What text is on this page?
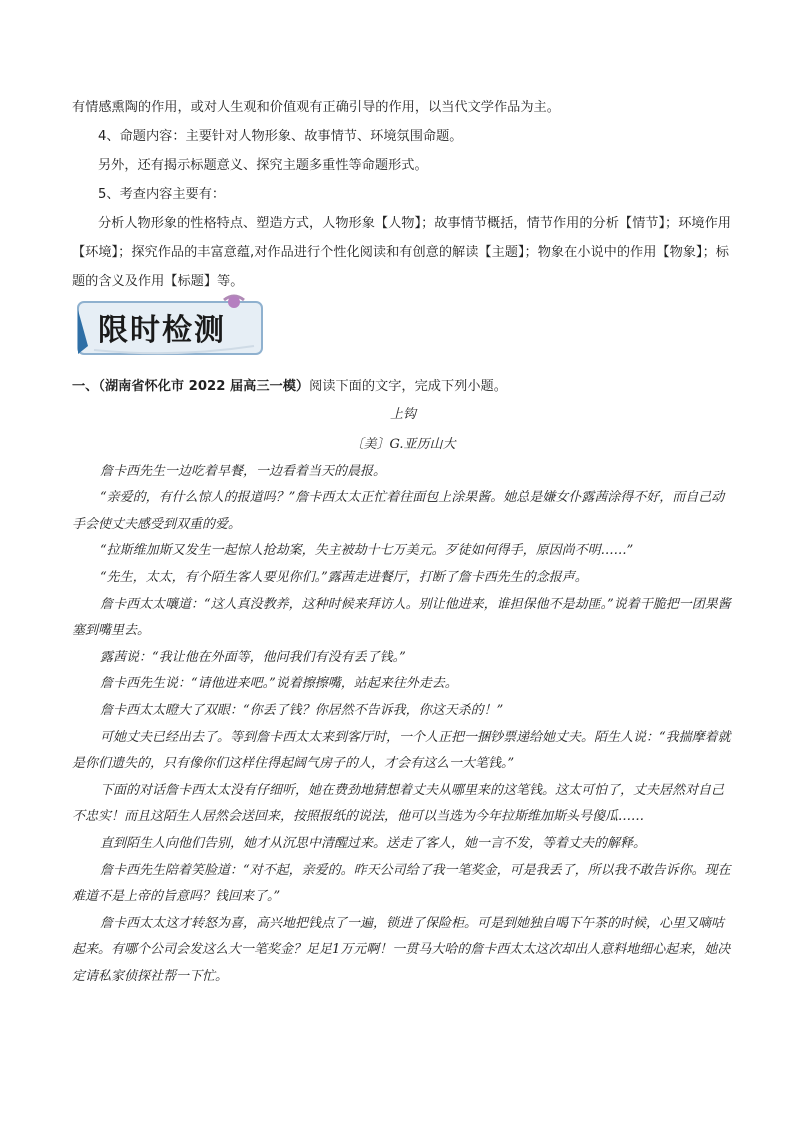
有情感熏陶的作用，或对人生观和价值观有正确引导的作用，以当代文学作品为主。

4、命题内容：主要针对人物形象、故事情节、环境氛围命题。

另外，还有揭示标题意义、探究主题多重性等命题形式。

5、考查内容主要有：

分析人物形象的性格特点、塑造方式，人物形象【人物】；故事情节概括，情节作用的分析【情节】；环境作用【环境】；探究作品的丰富意蕴,对作品进行个性化阅读和有创意的解读【主题】；物象在小说中的作用【物象】；标题的含义及作用【标题】等。

限时检测

一、（湖南省怀化市 2022 届高三一模）阅读下面的文字，完成下列小题。

上钩

〔美〕G.亚历山大

詹卡西先生一边吃着早餐，一边看着当天的晨报。

“亲爱的，有什么惊人的报道吗？”詹卡西太太正忙着往面包上涂果酱。她总是嫌女仆露茜涂得不好，而自己动手会使丈夫感受到双重的爱。

“拉斯维加斯又发生一起惊人抢劫案，失主被劫十七万美元。歹徒如何得手，原因尚不明……”

“先生，太太，有个陌生客人要见你们。”露茜走进餐厅，打断了詹卡西先生的念报声。

詹卡西太太嚷道：“这人真没教养，这种时候来拜访人。别让他进来，谁担保他不是劫匪。”说着干脆把一团果酱塞到嘴里去。

露茜说：“我让他在外面等，他问我们有没有丢了钱。”

詹卡西先生说：“请他进来吧。”说着擦擦嘴，站起来往外走去。

詹卡西太太瞪大了双眼：“你丢了钱？你居然不告诉我，你这天杀的！”

可她丈夫已经出去了。等到詹卡西太太来到客厅时，一个人正把一捆钞票递给她丈夫。陌生人说：“我揣摩着就是你们遗失的，只有像你们这样住得起阔气房子的人，才会有这么一大笔钱。”

下面的对话詹卡西太太没有仔细听，她在费劲地猜想着丈夫从哪里来的这笔钱。这太可怕了，丈夫居然对自己不忠实！而且这陌生人居然会送回来，按照报纸的说法，他可以当选为今年拉斯维加斯头号傻瓜……

直到陌生人向他们告别，她才从沉思中清醒过来。送走了客人，她一言不发，等着丈夫的解释。

詹卡西先生陪着笑脸道：“对不起，亲爱的。昨天公司给了我一笔奖金，可是我丢了，所以我不敢告诉你。现在难道不是上帝的旨意吗？钱回来了。”

詹卡西太太这才转怒为喜，高兴地把钱点了一遍，锁进了保险柜。可是到她独自喝下午茶的时候，心里又嘀咕起来。有哪个公司会发这么大一笔奖金？足足1万元啊！一贯马大哈的詹卡西太太这次却出人意料地细心起来，她决定请私家侦探社帮一下忙。
